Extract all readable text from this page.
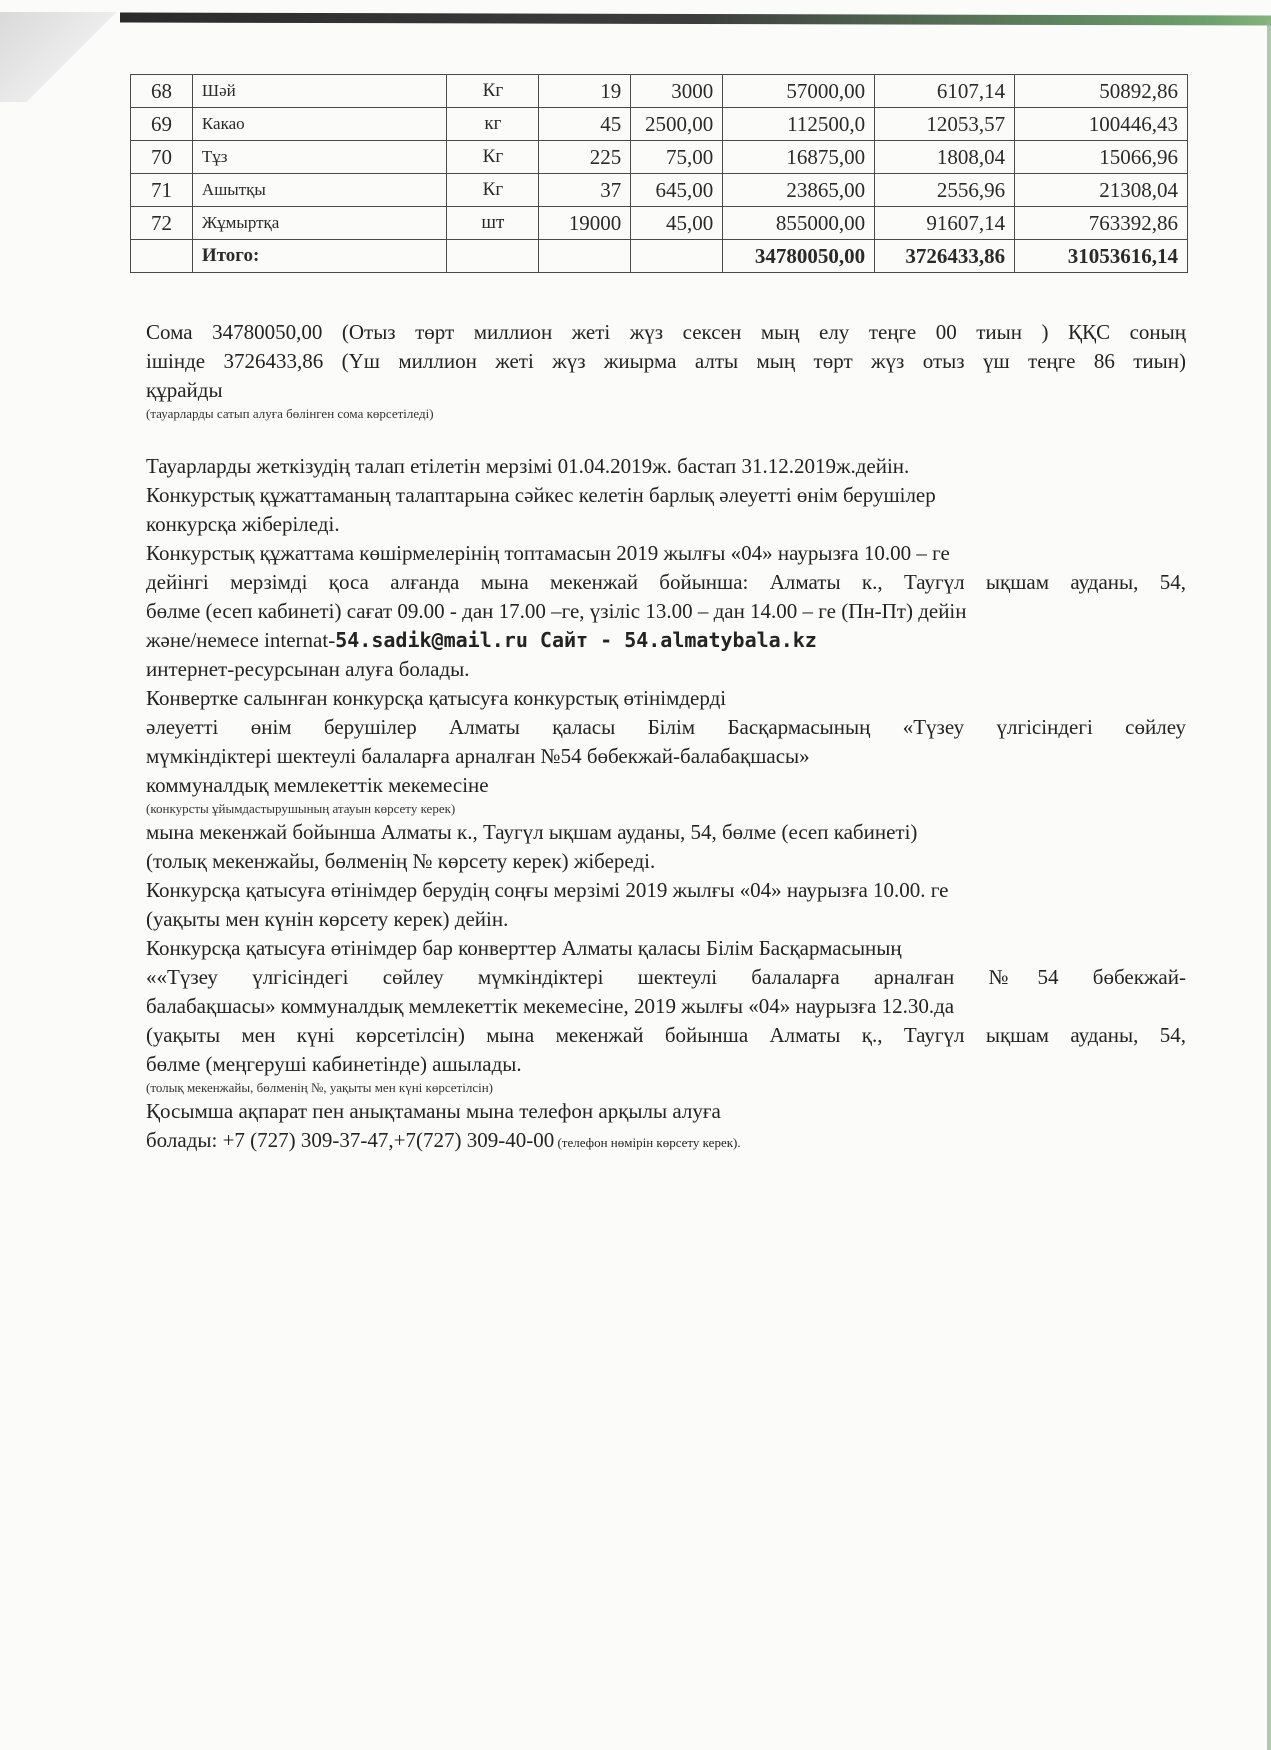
68	Шәй	Кг	19	3000	57000,00	6107,14	50892,86
69	Какао	кг	45	2500,00	112500,0	12053,57	100446,43
70	Тұз	Кг	225	75,00	16875,00	1808,04	15066,96
71	Ашытқы	Кг	37	645,00	23865,00	2556,96	21308,04
72	Жұмыртқа	шт	19000	45,00	855000,00	91607,14	763392,86
	Итого:				34780050,00	3726433,86	31053616,14

Сома 34780050,00 (Отыз төрт миллион жеті жүз сексен мың елу теңге 00 тиын ) ҚҚС соның

ішінде 3726433,86 (Үш миллион жеті жүз жиырма алты мың төрт жүз отыз үш теңге 86 тиын)

құрайды

(тауарларды сатып алуға бөлінген сома көрсетіледі)

Тауарларды жеткізудің талап етілетін мерзімі 01.04.2019ж. бастап 31.12.2019ж.дейін.

Конкурстық құжаттаманың талаптарына сәйкес келетін барлық әлеуетті өнім берушілер

конкурсқа жіберіледі.

Конкурстық құжаттама көшірмелерінің топтамасын 2019 жылғы «04» наурызға 10.00 – ге

дейінгі мерзімді қоса алғанда мына мекенжай бойынша: Алматы к., Таугүл ықшам ауданы, 54,

бөлме (есеп кабинеті) сағат 09.00 - дан 17.00 –ге, үзіліс 13.00 – дан 14.00 – ге (Пн-Пт) дейін

және/немесе internat-54.sadik@mail.ru Сайт - 54.almatybala.kz

интернет-ресурсынан алуға болады.

Конвертке салынған конкурсқа қатысуға конкурстық өтінімдерді

әлеуетті өнім берушілер Алматы қаласы Білім Басқармасының «Түзеу үлгісіндегі сөйлеу

мүмкіндіктері шектеулі балаларға арналған №54 бөбекжай-балабақшасы»

коммуналдық мемлекеттік мекемесіне

(конкурсты ұйымдастырушының атауын көрсету керек)

мына мекенжай бойынша Алматы к., Таугүл ықшам ауданы, 54, бөлме (есеп кабинеті)

(толық мекенжайы, бөлменің № көрсету керек) жібереді.

Конкурсқа қатысуға өтінімдер берудің соңғы мерзімі 2019 жылғы «04» наурызға 10.00. ге

(уақыты мен күнін көрсету керек) дейін.

Конкурсқа қатысуға өтінімдер бар конверттер Алматы қаласы Білім Басқармасының

««Түзеу үлгісіндегі сөйлеу мүмкіндіктері шектеулі балаларға арналған №54 бөбекжай-

балабақшасы» коммуналдық мемлекеттік мекемесіне, 2019 жылғы «04» наурызға 12.30.да

(уақыты мен күні көрсетілсін) мына мекенжай бойынша Алматы қ., Таугүл ықшам ауданы, 54,

бөлме (меңгеруші кабинетінде) ашылады.

(толық мекенжайы, бөлменің №, уақыты мен күні көрсетілсін)

Қосымша ақпарат пен анықтаманы мына телефон арқылы алуға

болады: +7 (727) 309-37-47,+7(727) 309-40-00 (телефон нөмірін көрсету керек).
